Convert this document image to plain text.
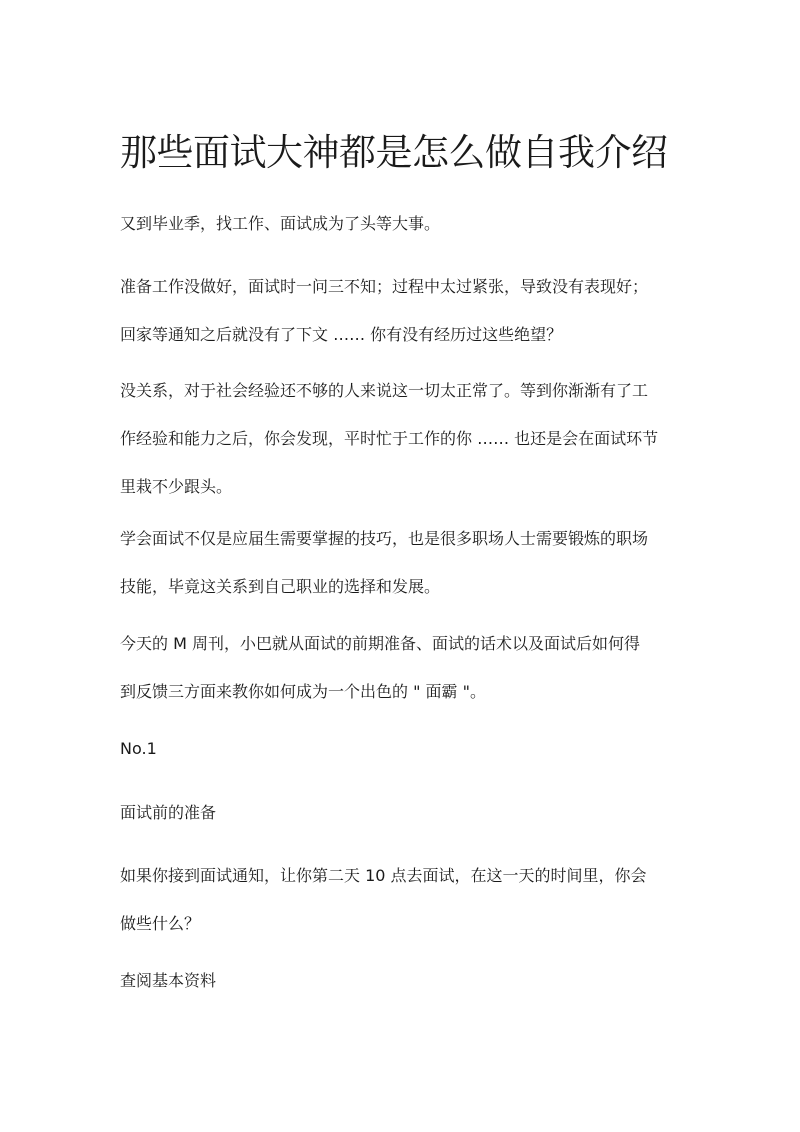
那些面试大神都是怎么做自我介绍

又到毕业季，找工作、面试成为了头等大事。

准备工作没做好，面试时一问三不知；过程中太过紧张，导致没有表现好；
回家等通知之后就没有了下文 …… 你有没有经历过这些绝望？

没关系，对于社会经验还不够的人来说这一切太正常了。等到你渐渐有了工
作经验和能力之后，你会发现，平时忙于工作的你 …… 也还是会在面试环节
里栽不少跟头。

学会面试不仅是应届生需要掌握的技巧，也是很多职场人士需要锻炼的职场
技能，毕竟这关系到自己职业的选择和发展。

今天的 M 周刊，小巴就从面试的前期准备、面试的话术以及面试后如何得
到反馈三方面来教你如何成为一个出色的 " 面霸 "。

No.1

面试前的准备

如果你接到面试通知，让你第二天 10 点去面试，在这一天的时间里，你会
做些什么？

查阅基本资料
